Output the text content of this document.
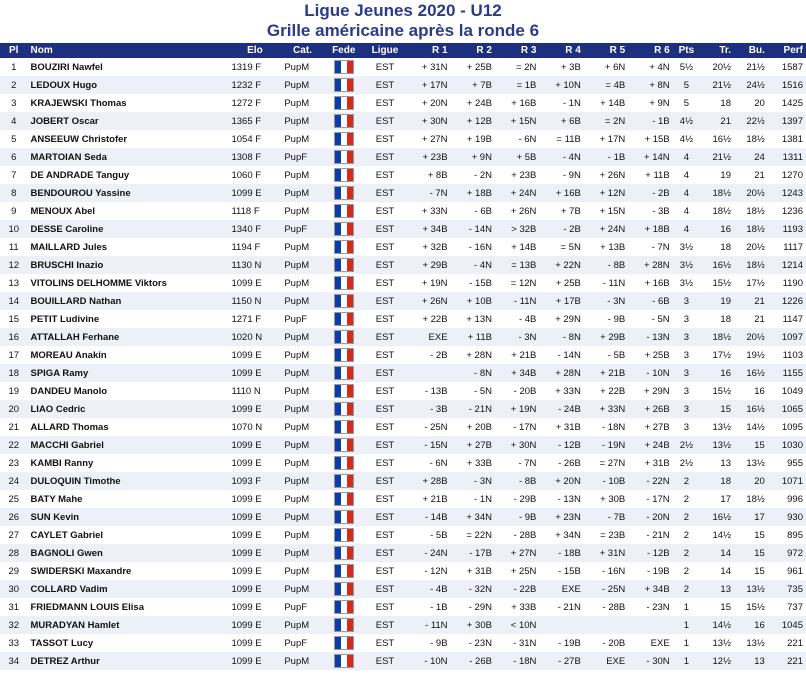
Ligue Jeunes 2020 - U12
Grille américaine après la ronde 6
Pl	Nom	Elo	Cat.	Fede	Ligue	R 1	R 2	R 3	R 4	R 5	R 6	Pts	Tr.	Bu.	Perf
1	BOUZIRI Nawfel	1319 F	PupM		EST	+ 31N	+ 25B	= 2N	+ 3B	+ 6N	+ 4N	5½	20½	21½	1587
2	LEDOUX Hugo	1232 F	PupM		EST	+ 17N	+ 7B	= 1B	+ 10N	= 4B	+ 8N	5	21½	24½	1516
3	KRAJEWSKI Thomas	1272 F	PupM		EST	+ 20N	+ 24B	+ 16B	- 1N	+ 14B	+ 9N	5	18	20	1425
4	JOBERT Oscar	1365 F	PupM		EST	+ 30N	+ 12B	+ 15N	+ 6B	= 2N	- 1B	4½	21	22½	1397
5	ANSEEUW Christofer	1054 F	PupM		EST	+ 27N	+ 19B	- 6N	= 11B	+ 17N	+ 15B	4½	16½	18½	1381
6	MARTOIAN Seda	1308 F	PupF		EST	+ 23B	+ 9N	+ 5B	- 4N	- 1B	+ 14N	4	21½	24	1311
7	DE ANDRADE Tanguy	1060 F	PupM		EST	+ 8B	- 2N	+ 23B	- 9N	+ 26N	+ 11B	4	19	21	1270
8	BENDOUROU Yassine	1099 E	PupM		EST	- 7N	+ 18B	+ 24N	+ 16B	+ 12N	- 2B	4	18½	20½	1243
9	MENOUX Abel	1118 F	PupM		EST	+ 33N	- 6B	+ 26N	+ 7B	+ 15N	- 3B	4	18½	18½	1236
10	DESSE Caroline	1340 F	PupF		EST	+ 34B	- 14N	> 32B	- 2B	+ 24N	+ 18B	4	16	18½	1193
11	MAILLARD Jules	1194 F	PupM		EST	+ 32B	- 16N	+ 14B	= 5N	+ 13B	- 7N	3½	18	20½	1117
12	BRUSCHI Inazio	1130 N	PupM		EST	+ 29B	- 4N	= 13B	+ 22N	- 8B	+ 28N	3½	16½	18½	1214
13	VITOLINS DELHOMME Viktors	1099 E	PupM		EST	+ 19N	- 15B	= 12N	+ 25B	- 11N	+ 16B	3½	15½	17½	1190
14	BOUILLARD Nathan	1150 N	PupM		EST	+ 26N	+ 10B	- 11N	+ 17B	- 3N	- 6B	3	19	21	1226
15	PETIT Ludivine	1271 F	PupF		EST	+ 22B	+ 13N	- 4B	+ 29N	- 9B	- 5N	3	18	21	1147
16	ATTALLAH Ferhane	1020 N	PupM		EST	EXE	+ 11B	- 3N	- 8N	+ 29B	- 13N	3	18½	20½	1097
17	MOREAU Anakin	1099 E	PupM		EST	- 2B	+ 28N	+ 21B	- 14N	- 5B	+ 25B	3	17½	19½	1103
18	SPIGA Ramy	1099 E	PupM		EST		- 8N	+ 34B	+ 28N	+ 21B	- 10N	3	16	16½	1155
19	DANDEU Manolo	1110 N	PupM		EST	- 13B	- 5N	- 20B	+ 33N	+ 22B	+ 29N	3	15½	16	1049
20	LIAO Cedric	1099 E	PupM		EST	- 3B	- 21N	+ 19N	- 24B	+ 33N	+ 26B	3	15	16½	1065
21	ALLARD Thomas	1070 N	PupM		EST	- 25N	+ 20B	- 17N	+ 31B	- 18N	+ 27B	3	13½	14½	1095
22	MACCHI Gabriel	1099 E	PupM		EST	- 15N	+ 27B	+ 30N	- 12B	- 19N	+ 24B	2½	13½	15	1030
23	KAMBI Ranny	1099 E	PupM		EST	- 6N	+ 33B	- 7N	- 26B	= 27N	+ 31B	2½	13	13½	955
24	DULOQUIN Timothe	1093 F	PupM		EST	+ 28B	- 3N	- 8B	+ 20N	- 10B	- 22N	2	18	20	1071
25	BATY Mahe	1099 E	PupM		EST	+ 21B	- 1N	- 29B	- 13N	+ 30B	- 17N	2	17	18½	996
26	SUN Kevin	1099 E	PupM		EST	- 14B	+ 34N	- 9B	+ 23N	- 7B	- 20N	2	16½	17	930
27	CAYLET Gabriel	1099 E	PupM		EST	- 5B	= 22N	- 28B	+ 34N	= 23B	- 21N	2	14½	15	895
28	BAGNOLI Gwen	1099 E	PupM		EST	- 24N	- 17B	+ 27N	- 18B	+ 31N	- 12B	2	14	15	972
29	SWIDERSKI Maxandre	1099 E	PupM		EST	- 12N	+ 31B	+ 25N	- 15B	- 16N	- 19B	2	14	15	961
30	COLLARD Vadim	1099 E	PupM		EST	- 4B	- 32N	- 22B	EXE	- 25N	+ 34B	2	13	13½	735
31	FRIEDMANN LOUIS Elisa	1099 E	PupF		EST	- 1B	- 29N	+ 33B	- 21N	- 28B	- 23N	1	15	15½	737
32	MURADYAN Hamlet	1099 E	PupM		EST	- 11N	+ 30B	< 10N				1	14½	16	1045
33	TASSOT Lucy	1099 E	PupF		EST	- 9B	- 23N	- 31N	- 19B	- 20B	EXE	1	13½	13½	221
34	DETREZ Arthur	1099 E	PupM		EST	- 10N	- 26B	- 18N	- 27B	EXE	- 30N	1	12½	13	221
